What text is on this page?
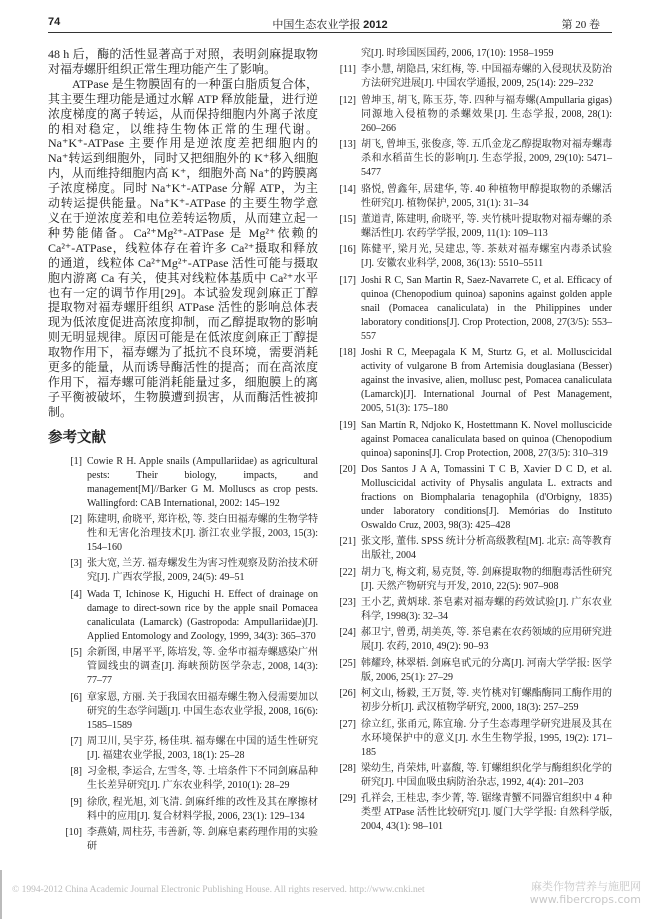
74	中国生态农业学报 2012	第 20 卷

48 h 后，酶的活性显著高于对照，表明剑麻提取物对福寿螺肝组织正常生理功能产生了影响。

ATPase 是生物膜固有的一种蛋白脂质复合体，其主要生理功能是通过水解 ATP 释放能量，进行逆浓度梯度的离子转运，从而保持细胞内外离子浓度的相对稳定，以维持生物体正常的生理代谢。Na⁺K⁺-ATPase 主要作用是逆浓度差把细胞内的 Na⁺转运到细胞外，同时又把细胞外的 K⁺移入细胞内，从而维持细胞内高 K⁺，细胞外高 Na⁺的跨膜离子浓度梯度。同时 Na⁺K⁺-ATPase 分解 ATP，为主动转运提供能量。Na⁺K⁺-ATPase 的主要生物学意义在于逆浓度差和电位差转运物质，从而建立起一种势能储备。Ca²⁺Mg²⁺-ATPase 是 Mg²⁺依赖的 Ca²⁺-ATPase，线粒体存在着许多 Ca²⁺摄取和释放的通道，线粒体 Ca²⁺Mg²⁺-ATPase 活性可能与摄取胞内游离 Ca 有关，使其对线粒体基质中 Ca²⁺水平也有一定的调节作用[29]。本试验发现剑麻正丁醇提取物对福寿螺肝组织 ATPase 活性的影响总体表现为低浓度促进高浓度抑制，而乙醇提取物的影响则无明显规律。原因可能是在低浓度剑麻正丁醇提取物作用下，福寿螺为了抵抗不良环境，需要消耗更多的能量，从而诱导酶活性的提高；而在高浓度作用下，福寿螺可能消耗能量过多，细胞膜上的离子平衡被破坏，生物膜遭到损害，从而酶活性被抑制。

参考文献
[1] Cowie R H. Apple snails (Ampullariidae) as agricultural pests: Their biology, impacts, and management[M]//Barker G M. Molluscs as crop pests. Wallingford: CAB International, 2002: 145–192
[2] 陈建明, 俞晓平, 郑许松, 等. 茭白田福寿螺的生物学特性和无害化治理技术[J]. 浙江农业学报, 2003, 15(3): 154–160
[3] 张大宽, 兰芳. 福寿螺发生为害习性观察及防治技术研究[J]. 广西农学报, 2009, 24(5): 49–51
[4] Wada T, Ichinose K, Higuchi H. Effect of drainage on damage to direct-sown rice by the apple snail Pomacea canaliculata (Lamarck) (Gastropoda: Ampullariidae)[J]. Applied Entomology and Zoology, 1999, 34(3): 365–370
[5] 余新图, 申屠平平, 陈培发, 等. 金华市福寿螺感染广州管圆线虫的调查[J]. 海峡预防医学杂志, 2008, 14(3): 77–77
[6] 章家恩, 方丽. 关于我国农田福寿螺生物入侵需要加以研究的生态学问题[J]. 中国生态农业学报, 2008, 16(6): 1585–1589
[7] 周卫川, 吴宇芬, 杨佳琪. 福寿螺在中国的适生性研究[J]. 福建农业学报, 2003, 18(1): 25–28
[8] 习金根, 李运合, 左雪冬, 等. 土培条件下不同剑麻品种生长差异研究[J]. 广东农业科学, 2010(1): 28–29
[9] 徐欣, 程光旭, 刘飞清. 剑麻纤维的改性及其在摩擦材料中的应用[J]. 复合材料学报, 2006, 23(1): 129–134
[10] 李燕婧, 周柱芬, 韦善新, 等. 剑麻皂素药理作用的实验研
究[J]. 时珍国医国药, 2006, 17(10): 1958–1959
[11] 李小慧, 胡隐昌, 宋红梅, 等. 中国福寿螺的入侵现状及防治方法研究进展[J]. 中国农学通报, 2009, 25(14): 229–232
[12] 曾坤玉, 胡飞, 陈玉芬, 等. 四种与福寿螺(Ampullaria gigas)同源地入侵植物的杀螺效果[J]. 生态学报, 2008, 28(1): 260–266
[13] 胡飞, 曾坤玉, 张俊彦, 等. 五爪金龙乙醇提取物对福寿螺毒杀和水稻苗生长的影响[J]. 生态学报, 2009, 29(10): 5471–5477
[14] 骆悦, 曾鑫年, 居建华, 等. 40 种植物甲醇提取物的杀螺活性研究[J]. 植物保护, 2005, 31(1): 31–34
[15] 董道青, 陈建明, 俞晓平, 等. 夹竹桃叶提取物对福寿螺的杀螺活性[J]. 农药学学报, 2009, 11(1): 109–113
[16] 陈健平, 梁月光, 吴建忠, 等. 茶麸对福寿螺室内毒杀试验[J]. 安徽农业科学, 2008, 36(13): 5510–5511
[17] Joshi R C, San Martin R, Saez-Navarrete C, et al. Efficacy of quinoa (Chenopodium quinoa) saponins against golden apple snail (Pomacea canaliculata) in the Philippines under laboratory conditions[J]. Crop Protection, 2008, 27(3/5): 553–557
[18] Joshi R C, Meepagala K M, Sturtz G, et al. Molluscicidal activity of vulgarone B from Artemisia douglasiana (Besser) against the invasive, alien, mollusc pest, Pomacea canaliculata (Lamarck)[J]. International Journal of Pest Management, 2005, 51(3): 175–180
[19] San Martín R, Ndjoko K, Hostettmann K. Novel molluscicide against Pomacea canaliculata based on quinoa (Chenopodium quinoa) saponins[J]. Crop Protection, 2008, 27(3/5): 310–319
[20] Dos Santos J A A, Tomassini T C B, Xavier D C D, et al. Molluscicidal activity of Physalis angulata L. extracts and fractions on Biomphalaria tenagophila (d'Orbigny, 1835) under laboratory conditions[J]. Memórias do Instituto Oswaldo Cruz, 2003, 98(3): 425–428
[21] 张文彤, 董伟. SPSS 统计分析高级教程[M]. 北京: 高等教育出版社, 2004
[22] 胡力飞, 梅文莉, 易克贤, 等. 剑麻提取物的细胞毒活性研究[J]. 天然产物研究与开发, 2010, 22(5): 907–908
[23] 王小艺, 黄炳球. 茶皂素对福寿螺的药效试验[J]. 广东农业科学, 1998(3): 32–34
[24] 郝卫宁, 曾勇, 胡美英, 等. 茶皂素在农药领域的应用研究进展[J]. 农药, 2010, 49(2): 90–93
[25] 韩耀玲, 林翠梧. 剑麻皂甙元的分离[J]. 河南大学学报: 医学版, 2006, 25(1): 27–29
[26] 柯文山, 杨毅, 王万贤, 等. 夹竹桃对钉螺酯酶同工酶作用的初步分析[J]. 武汉植物学研究, 2000, 18(3): 257–259
[27] 徐立红, 张甬元, 陈宜瑜. 分子生态毒理学研究进展及其在水环境保护中的意义[J]. 水生生物学报, 1995, 19(2): 171–185
[28] 梁幼生, 肖荣炜, 叶嘉馥, 等. 钉螺组织化学与酶组织化学的研究[J]. 中国血吸虫病防治杂志, 1992, 4(4): 201–203
[29] 孔祥会, 王桂忠, 李少菁, 等. 锯缘青蟹不同器官组织中 4 种类型 ATPase 活性比较研究[J]. 厦门大学学报: 自然科学版, 2004, 43(1): 98–101
© 1994-2012 China Academic Journal Electronic Publishing House. All rights reserved. http://www.cnki.net	麻类作物营养与施肥网
www.fibercrops.com
